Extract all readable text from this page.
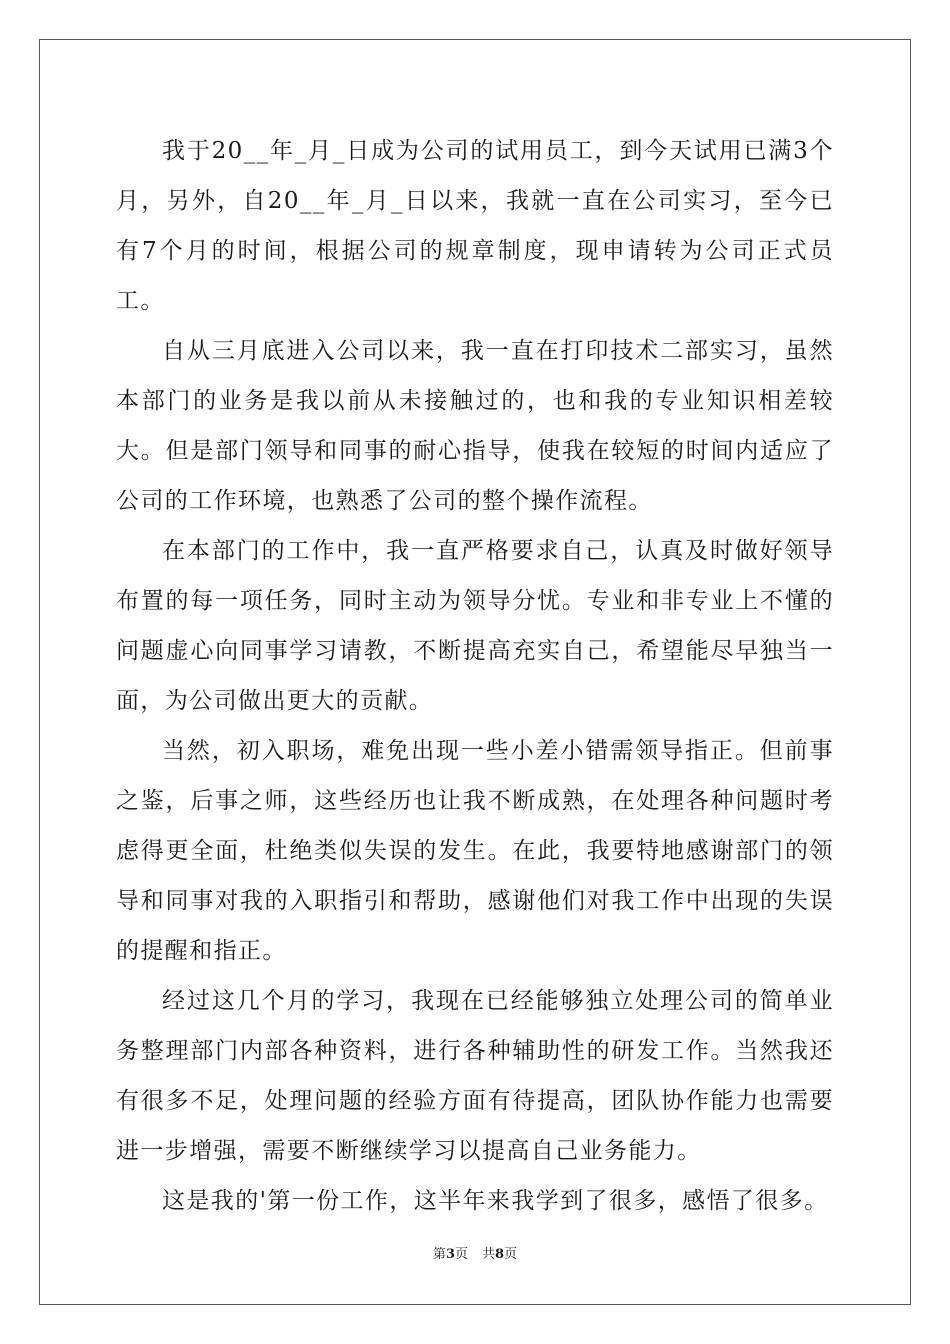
我于20__年_月_日成为公司的试用员工，到今天试用已满3个月，另外，自20__年_月_日以来，我就一直在公司实习，至今已有7个月的时间，根据公司的规章制度，现申请转为公司正式员工。

自从三月底进入公司以来，我一直在打印技术二部实习，虽然本部门的业务是我以前从未接触过的，也和我的专业知识相差较大。但是部门领导和同事的耐心指导，使我在较短的时间内适应了公司的工作环境，也熟悉了公司的整个操作流程。

在本部门的工作中，我一直严格要求自己，认真及时做好领导布置的每一项任务，同时主动为领导分忧。专业和非专业上不懂的问题虚心向同事学习请教，不断提高充实自己，希望能尽早独当一面，为公司做出更大的贡献。

当然，初入职场，难免出现一些小差小错需领导指正。但前事之鉴，后事之师，这些经历也让我不断成熟，在处理各种问题时考虑得更全面，杜绝类似失误的发生。在此，我要特地感谢部门的领导和同事对我的入职指引和帮助，感谢他们对我工作中出现的失误的提醒和指正。

经过这几个月的学习，我现在已经能够独立处理公司的简单业务整理部门内部各种资料，进行各种辅助性的研发工作。当然我还有很多不足，处理问题的经验方面有待提高，团队协作能力也需要进一步增强，需要不断继续学习以提高自己业务能力。

这是我的'第一份工作，这半年来我学到了很多，感悟了很多。

第3页 共8页
